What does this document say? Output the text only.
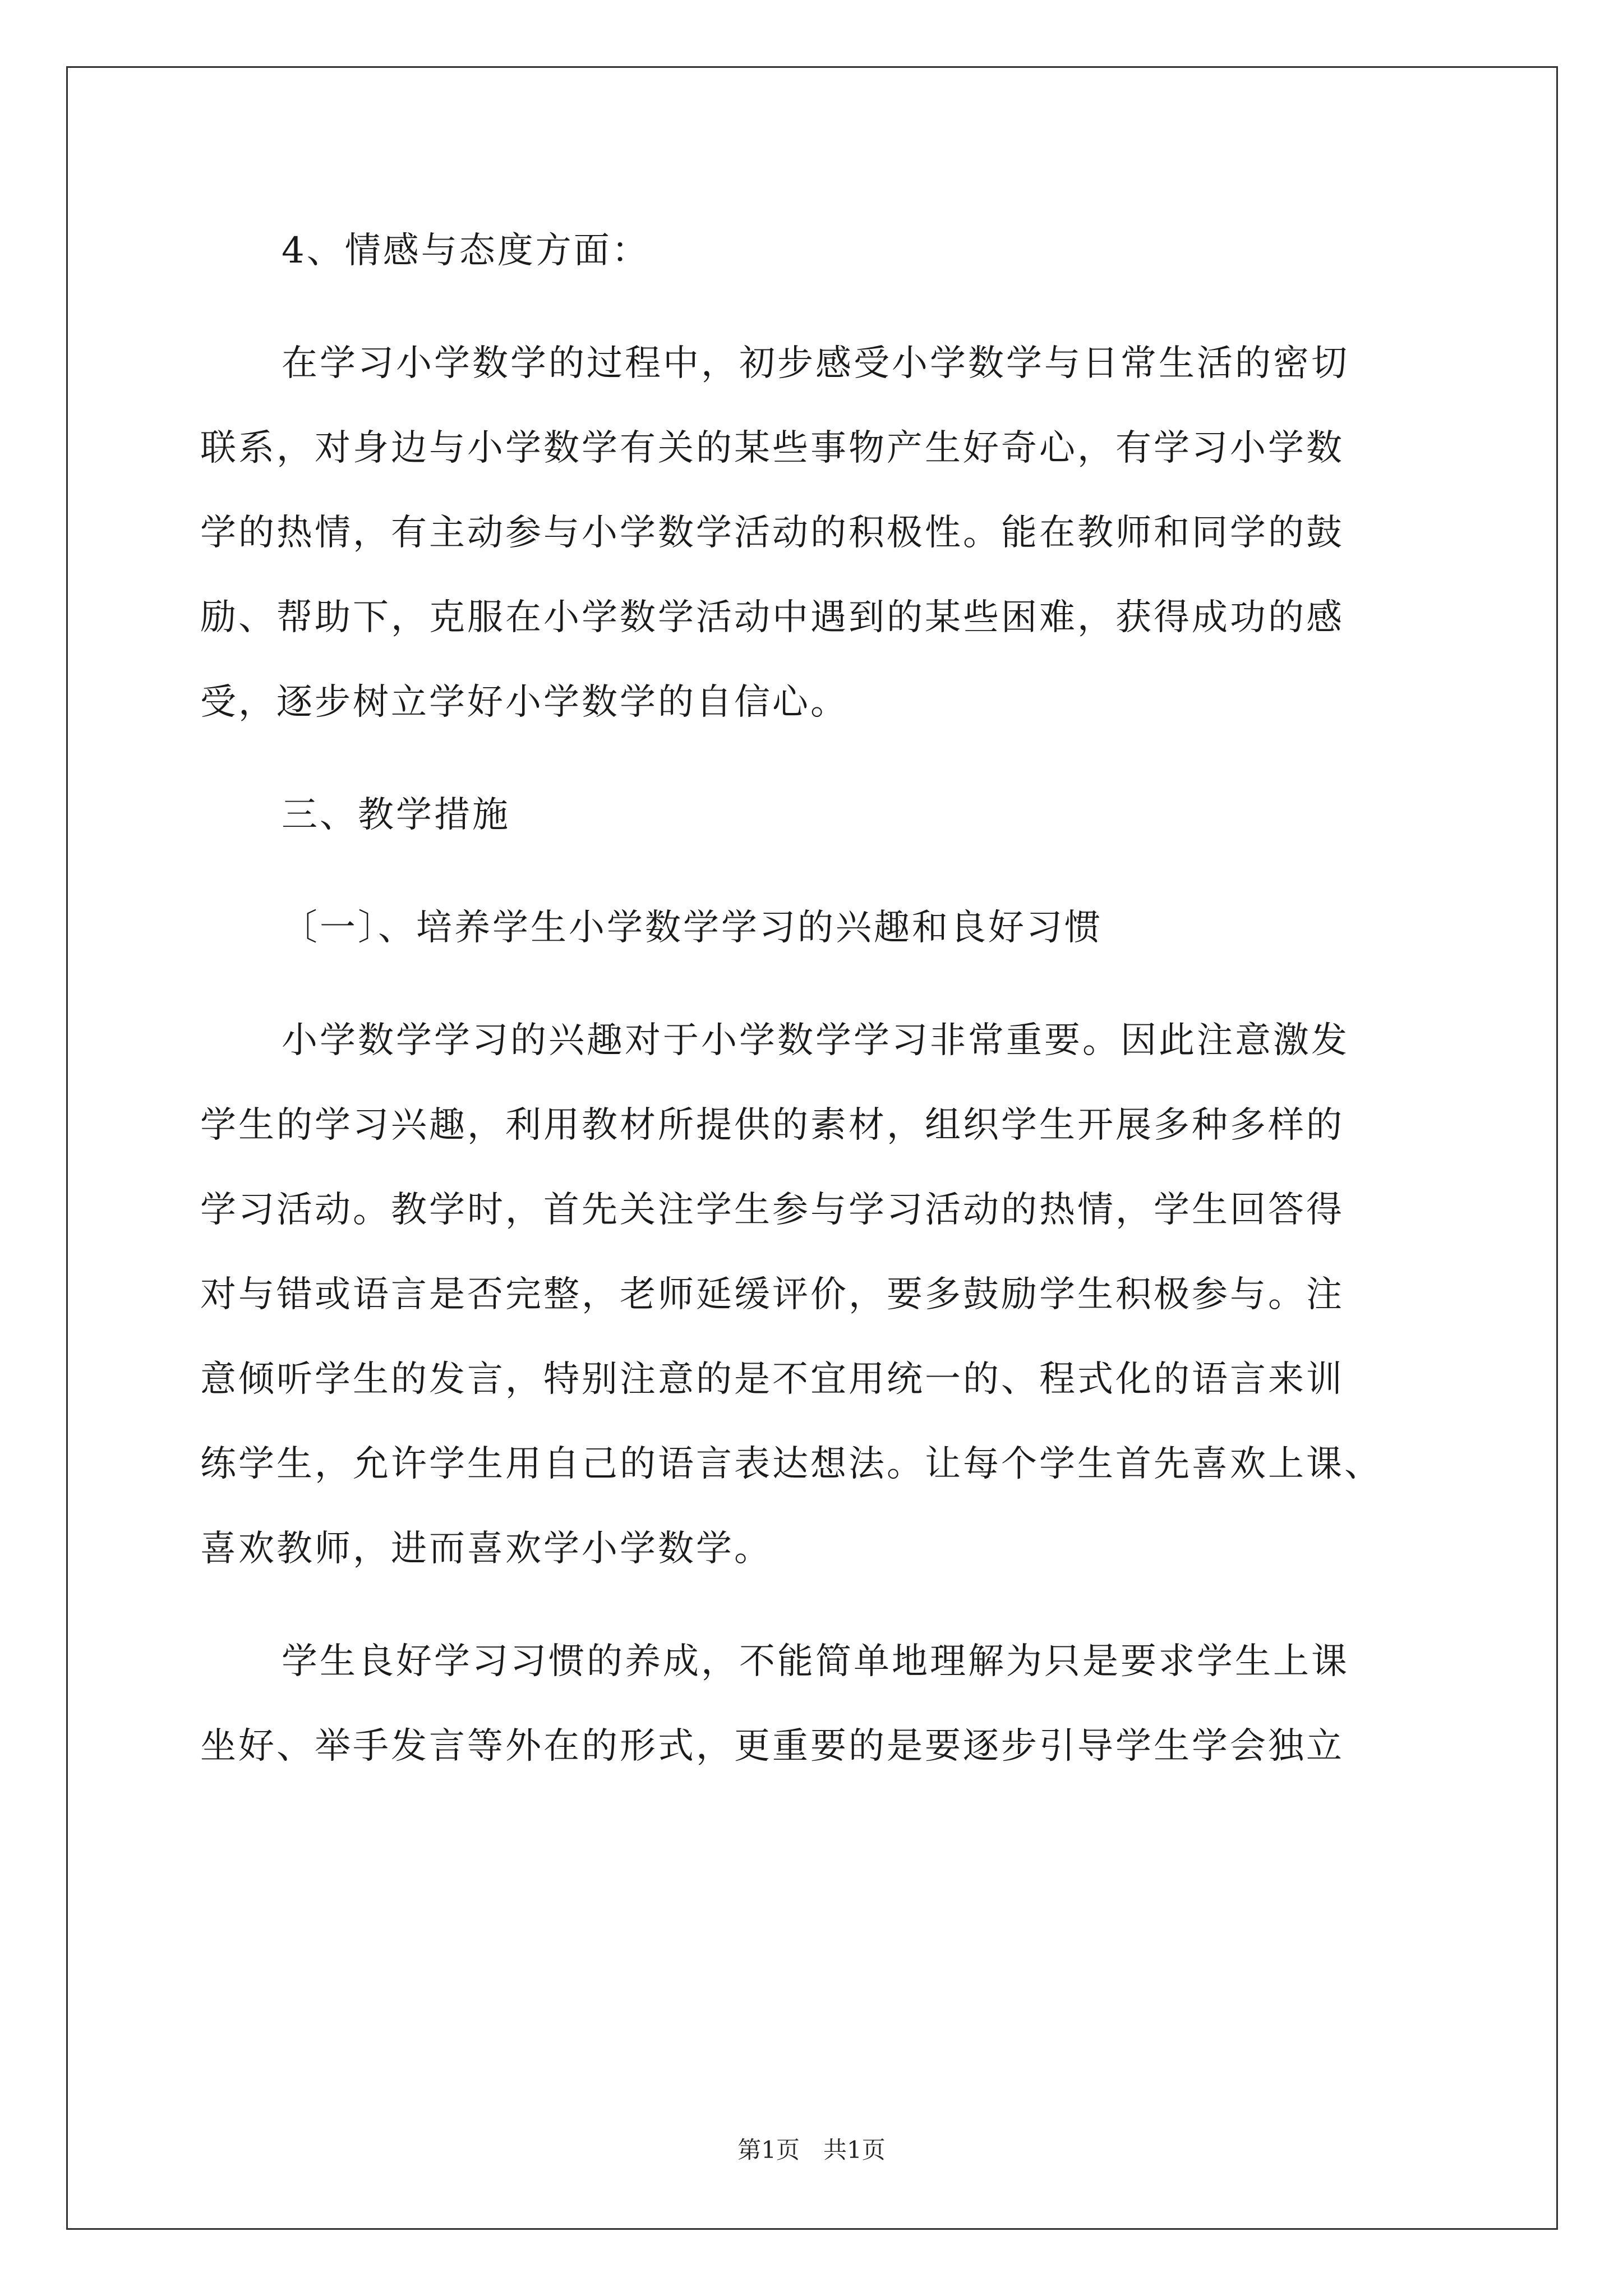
4、情感与态度方面：

在学习小学数学的过程中，初步感受小学数学与日常生活的密切

联系，对身边与小学数学有关的某些事物产生好奇心，有学习小学数

学的热情，有主动参与小学数学活动的积极性。能在教师和同学的鼓

励、帮助下，克服在小学数学活动中遇到的某些困难，获得成功的感

受，逐步树立学好小学数学的自信心。

三、教学措施

〔一〕、培养学生小学数学学习的兴趣和良好习惯

小学数学学习的兴趣对于小学数学学习非常重要。因此注意激发

学生的学习兴趣，利用教材所提供的素材，组织学生开展多种多样的

学习活动。教学时，首先关注学生参与学习活动的热情，学生回答得

对与错或语言是否完整，老师延缓评价，要多鼓励学生积极参与。注

意倾听学生的发言，特别注意的是不宜用统一的、程式化的语言来训

练学生，允许学生用自己的语言表达想法。让每个学生首先喜欢上课、

喜欢教师，进而喜欢学小学数学。

学生良好学习习惯的养成，不能简单地理解为只是要求学生上课

坐好、举手发言等外在的形式，更重要的是要逐步引导学生学会独立

第1页　共1页
